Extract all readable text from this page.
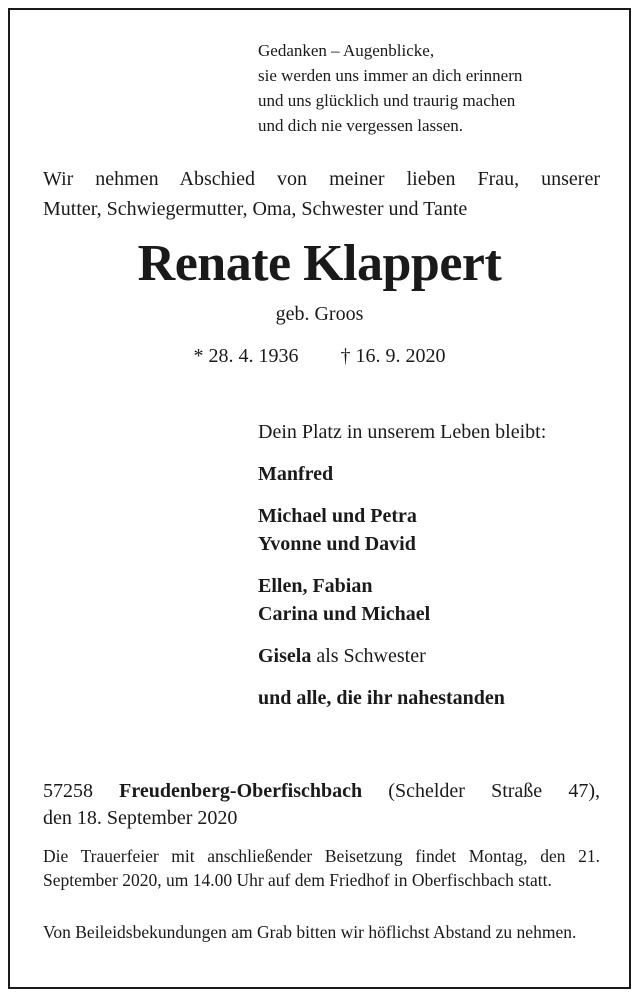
Gedanken – Augenblicke,
sie werden uns immer an dich erinnern
und uns glücklich und traurig machen
und dich nie vergessen lassen.
Wir nehmen Abschied von meiner lieben Frau, unserer
Mutter, Schwiegermutter, Oma, Schwester und Tante
Renate Klappert
geb. Groos
* 28. 4. 1936 † 16. 9. 2020
Dein Platz in unserem Leben bleibt:
Manfred
Michael und Petra
Yvonne und David
Ellen, Fabian
Carina und Michael
Gisela als Schwester
und alle, die ihr nahestanden
57258 Freudenberg-Oberfischbach (Schelder Straße 47),
den 18. September 2020
Die Trauerfeier mit anschließender Beisetzung findet Montag, den 21. September 2020, um 14.00 Uhr auf dem Friedhof in Oberfischbach statt.
Von Beileidsbekundungen am Grab bitten wir höflichst Abstand zu nehmen.
